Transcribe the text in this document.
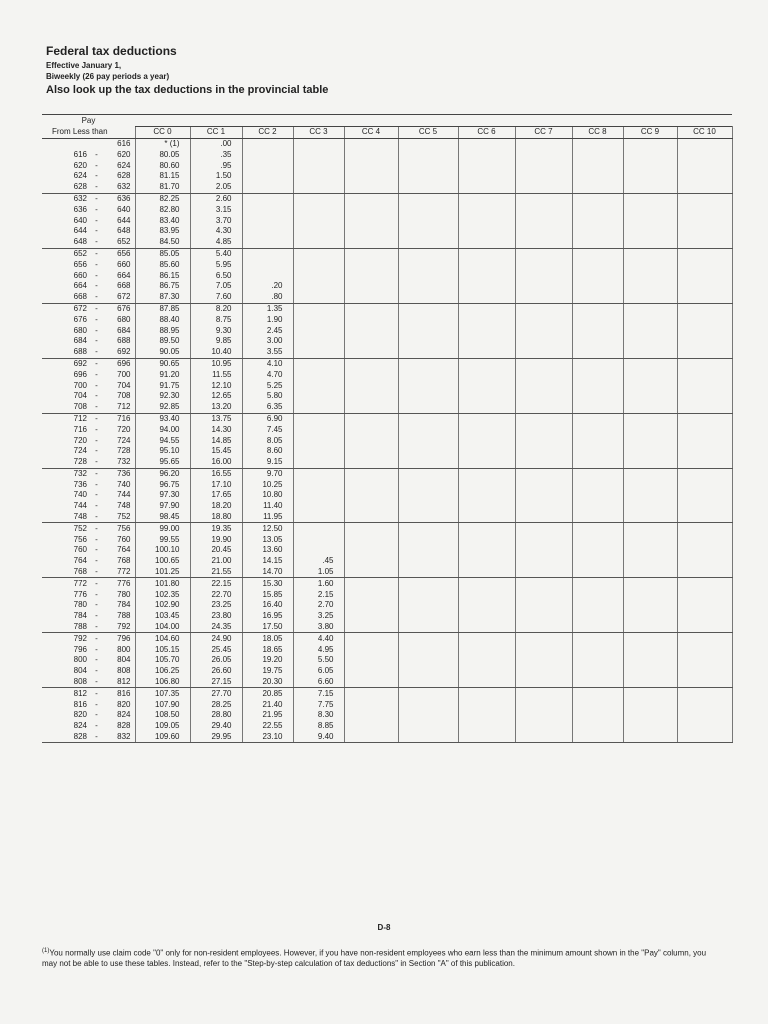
Federal tax deductions
Effective January 1,
Biweekly (26 pay periods a year)
Also look up the tax deductions in the provincial table
Pay													
From Less than			CC 0	CC 1	CC 2	CC 3	CC 4	CC 5	CC 6	CC 7	CC 8	CC 9	CC 10
		616	* (1)	.00									
616	-	620	80.05	.35									
620	-	624	80.60	.95									
624	-	628	81.15	1.50									
628	-	632	81.70	2.05									
632	-	636	82.25	2.60									
636	-	640	82.80	3.15									
640	-	644	83.40	3.70									
644	-	648	83.95	4.30									
648	-	652	84.50	4.85									
652	-	656	85.05	5.40									
656	-	660	85.60	5.95									
660	-	664	86.15	6.50									
664	-	668	86.75	7.05	.20								
668	-	672	87.30	7.60	.80								
672	-	676	87.85	8.20	1.35								
676	-	680	88.40	8.75	1.90								
680	-	684	88.95	9.30	2.45								
684	-	688	89.50	9.85	3.00								
688	-	692	90.05	10.40	3.55								
692	-	696	90.65	10.95	4.10								
696	-	700	91.20	11.55	4.70								
700	-	704	91.75	12.10	5.25								
704	-	708	92.30	12.65	5.80								
708	-	712	92.85	13.20	6.35								
712	-	716	93.40	13.75	6.90								
716	-	720	94.00	14.30	7.45								
720	-	724	94.55	14.85	8.05								
724	-	728	95.10	15.45	8.60								
728	-	732	95.65	16.00	9.15								
732	-	736	96.20	16.55	9.70								
736	-	740	96.75	17.10	10.25								
740	-	744	97.30	17.65	10.80								
744	-	748	97.90	18.20	11.40								
748	-	752	98.45	18.80	11.95								
752	-	756	99.00	19.35	12.50								
756	-	760	99.55	19.90	13.05								
760	-	764	100.10	20.45	13.60								
764	-	768	100.65	21.00	14.15	.45							
768	-	772	101.25	21.55	14.70	1.05							
772	-	776	101.80	22.15	15.30	1.60							
776	-	780	102.35	22.70	15.85	2.15							
780	-	784	102.90	23.25	16.40	2.70							
784	-	788	103.45	23.80	16.95	3.25							
788	-	792	104.00	24.35	17.50	3.80							
792	-	796	104.60	24.90	18.05	4.40							
796	-	800	105.15	25.45	18.65	4.95							
800	-	804	105.70	26.05	19.20	5.50							
804	-	808	106.25	26.60	19.75	6.05							
808	-	812	106.80	27.15	20.30	6.60							
812	-	816	107.35	27.70	20.85	7.15							
816	-	820	107.90	28.25	21.40	7.75							
820	-	824	108.50	28.80	21.95	8.30							
824	-	828	109.05	29.40	22.55	8.85							
828	-	832	109.60	29.95	23.10	9.40							
D-8
$^{(1)}$You normally use claim code "0" only for non-resident employees. However, if you have non-resident employees who earn less than the minimum amount shown in the "Pay" column, you may not be able to use these tables. Instead, refer to the "Step-by-step calculation of tax deductions" in Section "A" of this publication.
